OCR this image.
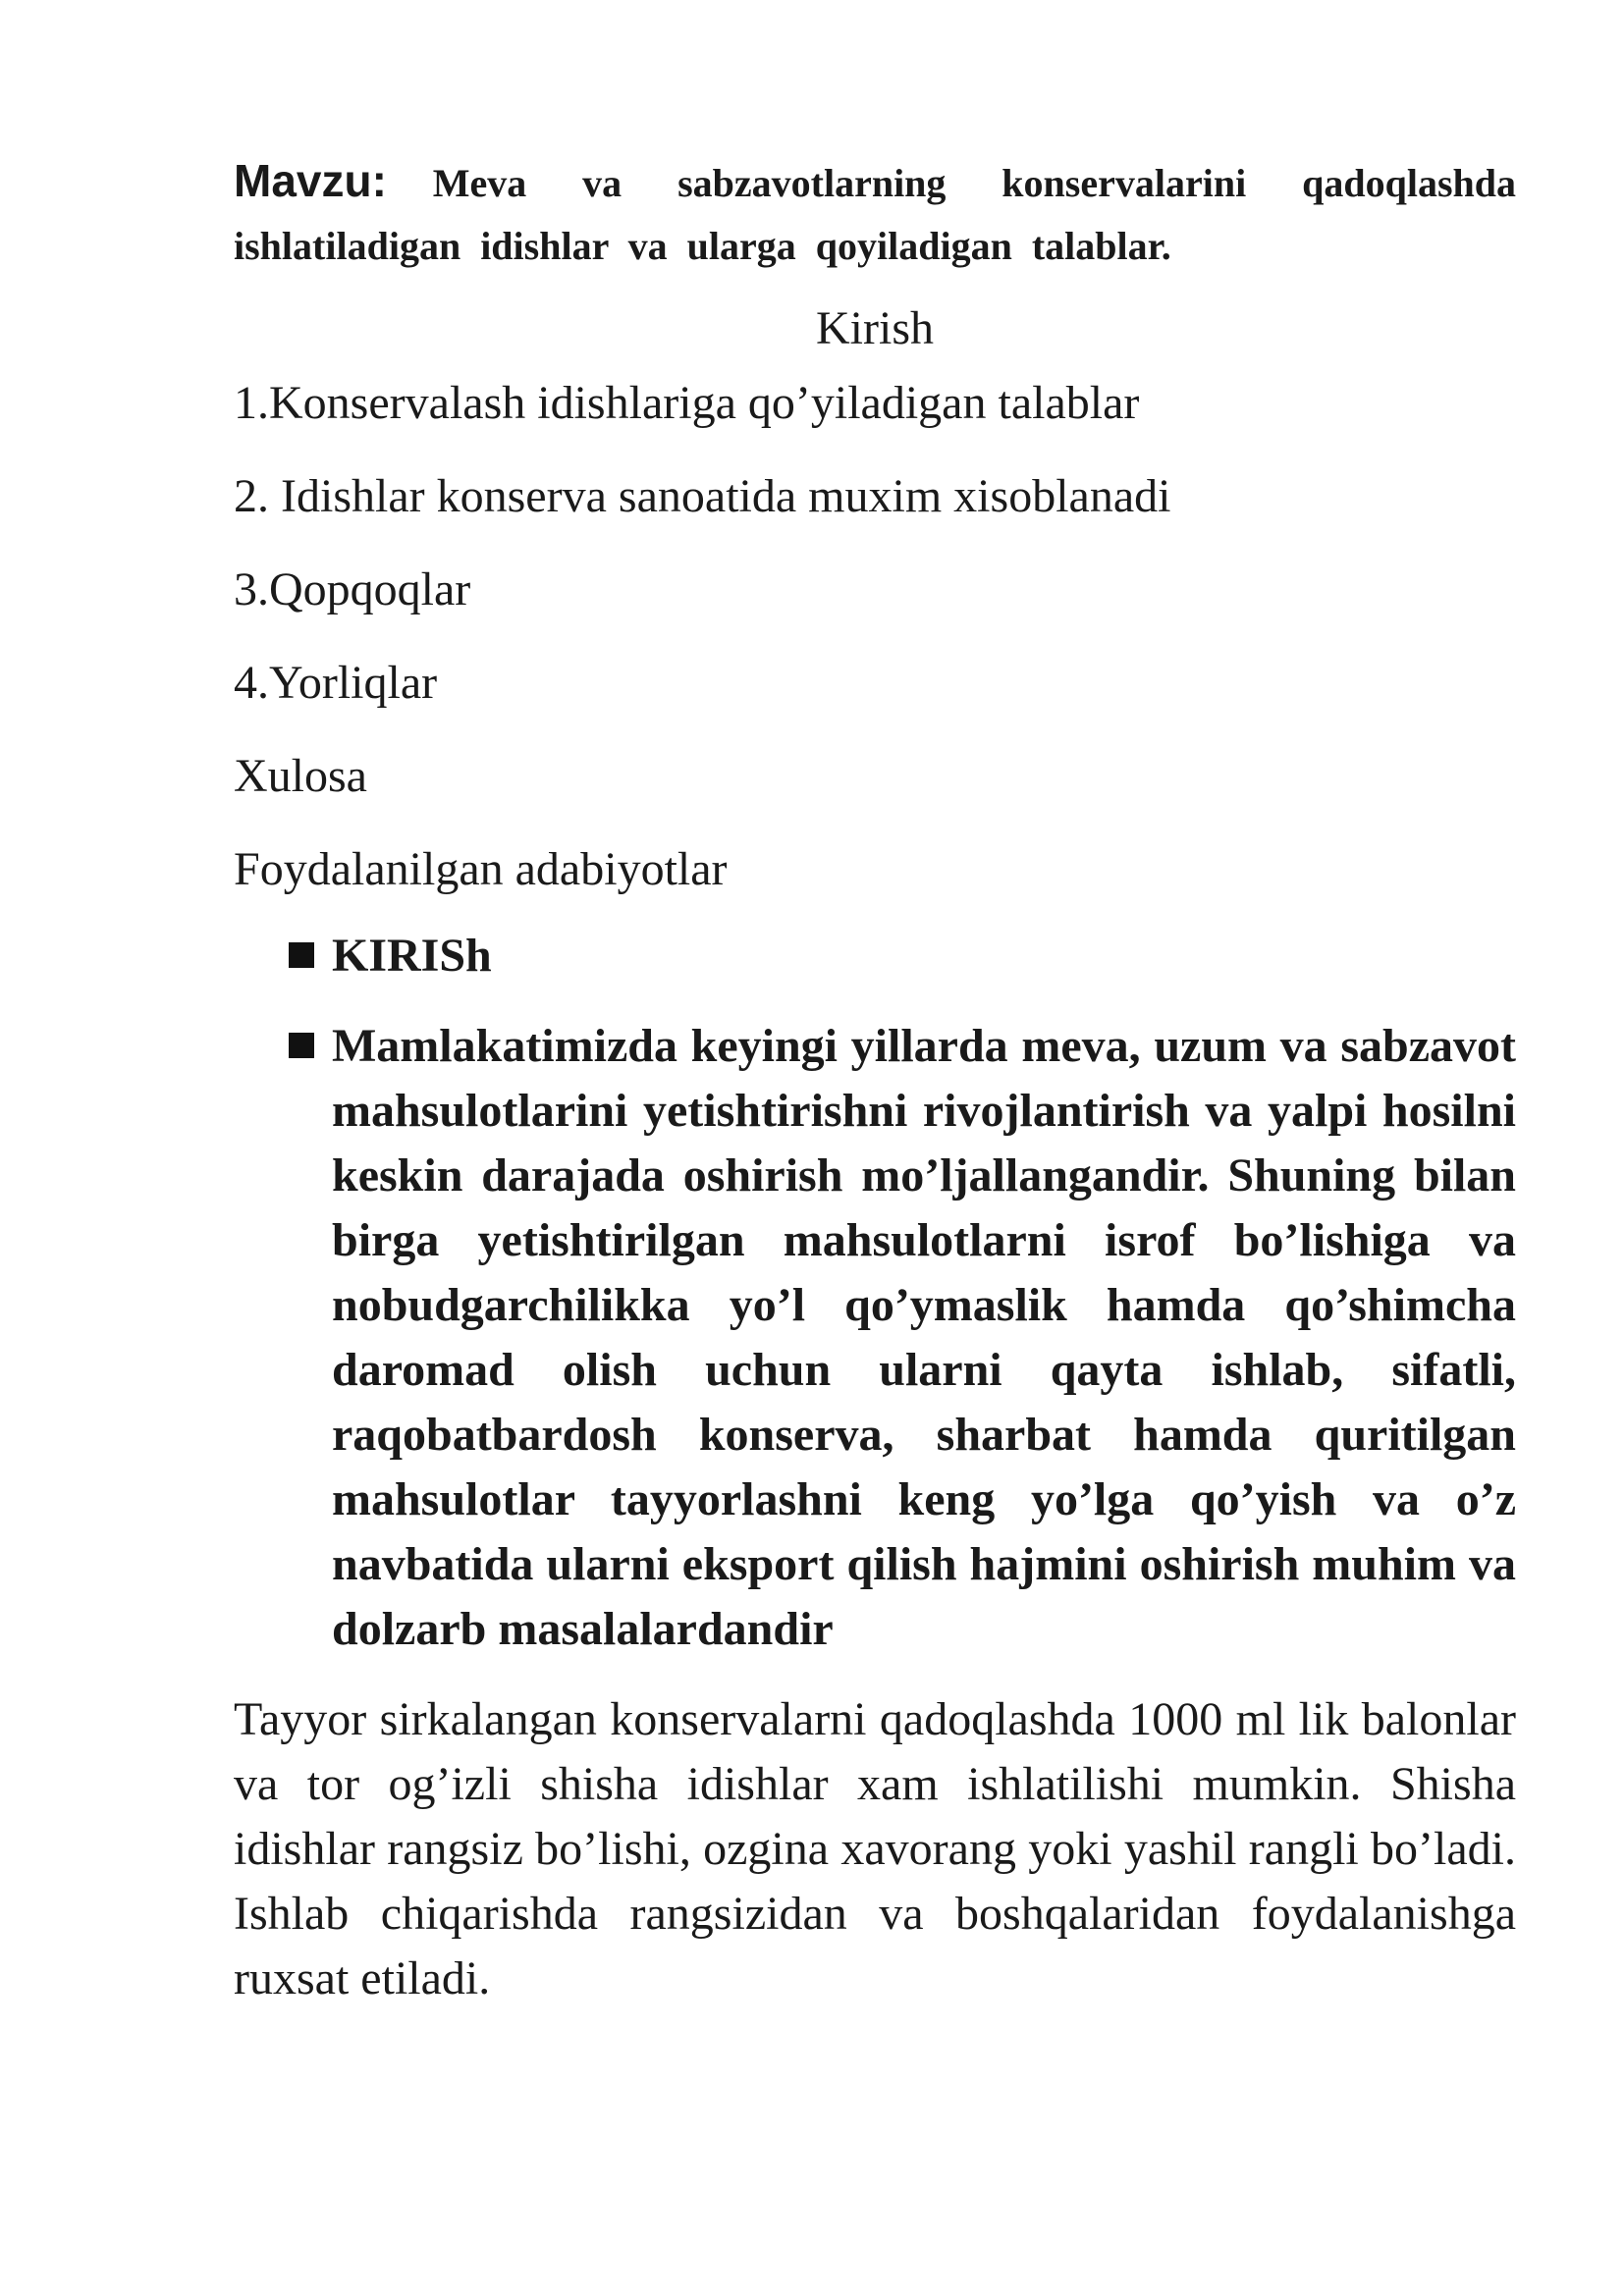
Mavzu: Meva va sabzavotlarning konservalarini qadoqlashda ishlatiladigan idishlar va ularga qoyiladigan talablar.

Kirish

1.Konservalash idishlariga qo’yiladigan talablar
2. Idishlar konserva sanoatida muxim xisoblanadi
3.Qopqoqlar
4.Yorliqlar
Xulosa
Foydalanilgan adabiyotlar
KIRISh
Mamlakatimizda keyingi yillarda meva, uzum va sabzavot mahsulotlarini yetishtirishni rivojlantirish va yalpi hosilni keskin darajada oshirish mo’ljallangandir. Shuning bilan birga yetishtirilgan mahsulotlarni isrof bo’lishiga va nobudgarchilikka yo’l qo’ymaslik hamda qo’shimcha daromad olish uchun ularni qayta ishlab, sifatli, raqobatbardosh konserva, sharbat hamda quritilgan mahsulotlar tayyorlashni keng yo’lga qo’yish va o’z navbatida ularni eksport qilish hajmini oshirish muhim va dolzarb masalalardandir

Tayyor sirkalangan konservalarni qadoqlashda 1000 ml lik balonlar va tor og’izli shisha idishlar xam ishlatilishi mumkin. Shisha idishlar rangsiz bo’lishi, ozgina xavorang yoki yashil rangli bo’ladi. Ishlab chiqarishda rangsizidan va boshqalaridan foydalanishga ruxsat etiladi.
